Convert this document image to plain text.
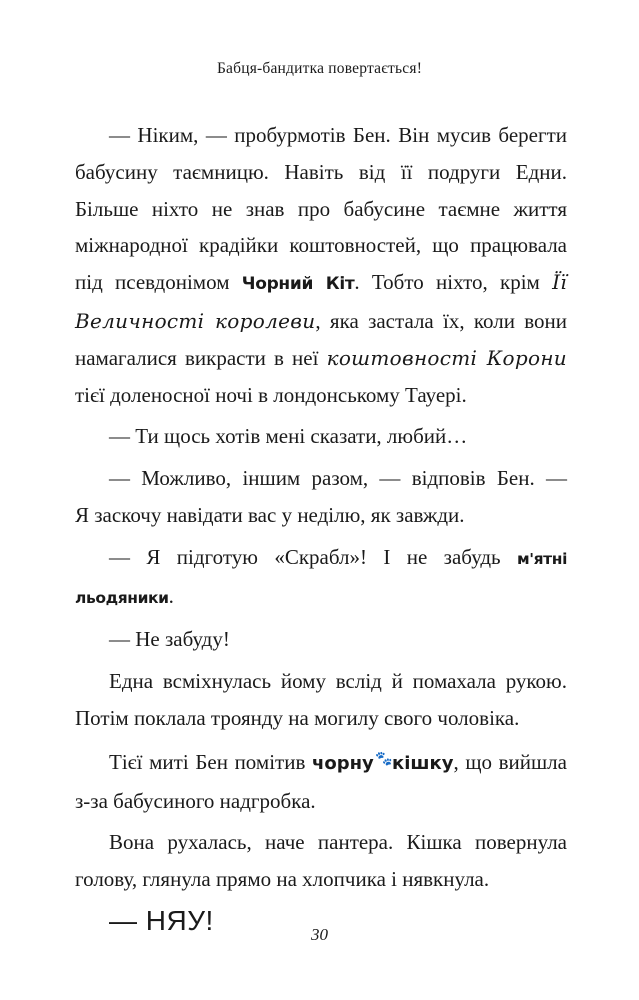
Бабця-бандитка повертається!

— Ніким, — пробурмотів Бен. Він мусив берегти бабусину таємницю. Навіть від її подруги Едни. Більше ніхто не знав про бабусине таємне життя міжнародної крадійки коштовностей, що працювала під псевдонімом Чорний Кіт. Тобто ніхто, крім Її Величності королеви, яка застала їх, коли вони намагалися викрасти в неї коштовності Корони тієї доленосної ночі в лондонському Тауері.

— Ти щось хотів мені сказати, любий…

— Можливо, іншим разом, — відповів Бен. —

Я заскочу навідати вас у неділю, як завжди.

— Я підготую «Скрабл»! І не забудь м'ятні льодяники.

— Не забуду!

Една всміхнулась йому вслід й помахала рукою. Потім поклала троянду на могилу свого чоловіка.

Тієї миті Бен помітив чорну🐾кішку, що вийшла з-за бабусиного надгробка.

Вона рухалась, наче пантера. Кішка повернула голову, глянула прямо на хлопчика і нявкнула.

— НЯУ!	30
